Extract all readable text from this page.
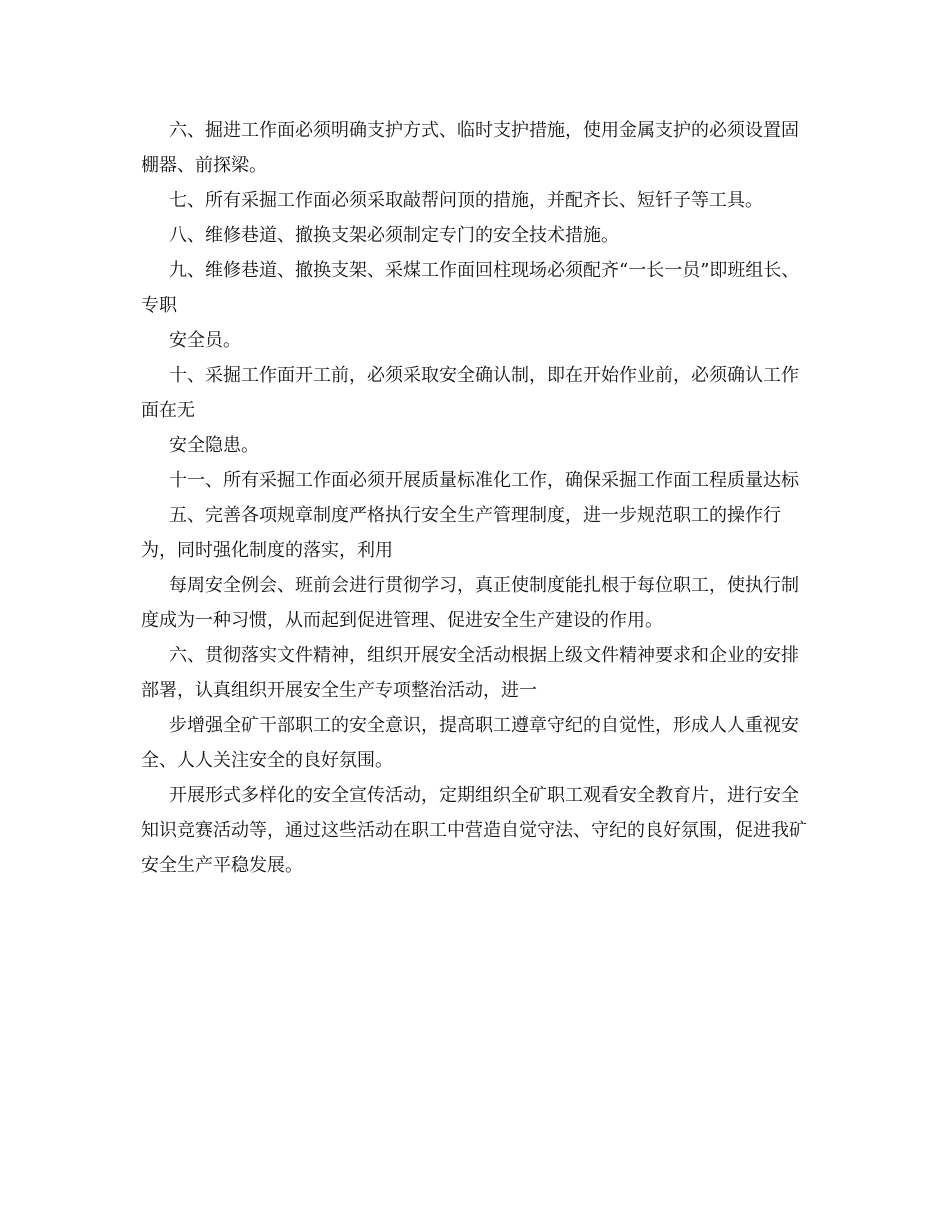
六、掘进工作面必须明确支护方式、临时支护措施，使用金属支护的必须设置固棚器、前探梁。

七、所有采掘工作面必须采取敲帮问顶的措施，并配齐长、短钎子等工具。

八、维修巷道、撤换支架必须制定专门的安全技术措施。

九、维修巷道、撤换支架、采煤工作面回柱现场必须配齐“一长一员”即班组长、专职

安全员。

十、采掘工作面开工前，必须采取安全确认制，即在开始作业前，必须确认工作面在无

安全隐患。

十一、所有采掘工作面必须开展质量标准化工作，确保采掘工作面工程质量达标

五、完善各项规章制度严格执行安全生产管理制度，进一步规范职工的操作行为，同时强化制度的落实，利用

每周安全例会、班前会进行贯彻学习，真正使制度能扎根于每位职工，使执行制度成为一种习惯，从而起到促进管理、促进安全生产建设的作用。

六、贯彻落实文件精神，组织开展安全活动根据上级文件精神要求和企业的安排部署，认真组织开展安全生产专项整治活动，进一

步增强全矿干部职工的安全意识，提高职工遵章守纪的自觉性，形成人人重视安全、人人关注安全的良好氛围。

开展形式多样化的安全宣传活动，定期组织全矿职工观看安全教育片，进行安全知识竞赛活动等，通过这些活动在职工中营造自觉守法、守纪的良好氛围，促进我矿安全生产平稳发展。
